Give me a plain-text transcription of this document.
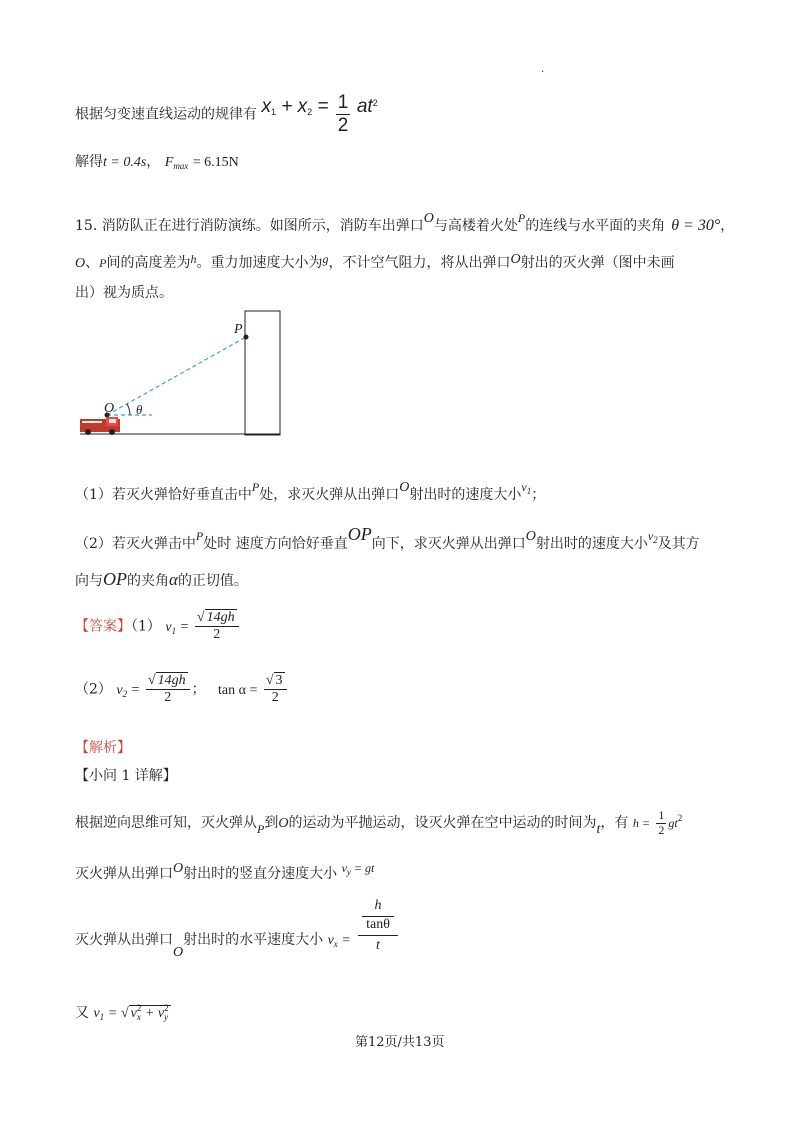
.
根据匀变速直线运动的规律有 $x_1 + x_2 = \frac{1}{2} at^2$
解得t = 0.4s， $F_{max} = 6.15N$
15. 消防队正在进行消防演练。如图所示，消防车出弹口O与高楼着火处P的连线与水平面的夹角 θ = 30°，
O、P间的高度差为h。重力加速度大小为g，不计空气阻力，将从出弹口O射出的灭火弹（图中未画
出）视为质点。
P
O θ
（1）若灭火弹恰好垂直击中P处，求灭火弹从出弹口O射出时的速度大小$v_1$；
（2）若灭火弹击中P处时 速度方向恰好垂直OP向下，求灭火弹从出弹口O射出时的速度大小$v_2$及其方
向与OP的夹角α的正切值。
【答案】（1） $v_1 = \frac{√ 14gh}{2}$
（2） $v_2 = \frac{√ 14gh}{2}$ ； $\tan \alpha = \frac{√ 3}{2}$
【解析】
【小问 1 详解】
根据逆向思维可知，灭火弹从P到O的运动为平抛运动，设灭火弹在空中运动的时间为t，有 $h = \frac{1}{2} gt^2$
灭火弹从出弹口O射出时的竖直分速度大小 $v_y$ = gt
灭火弹从出弹口O射出时的水平速度大小 $v_x$ =
h
tanθ
t
又 $v_1$ = √ $v_x^2 + v_y^2$
第12页/共13页
